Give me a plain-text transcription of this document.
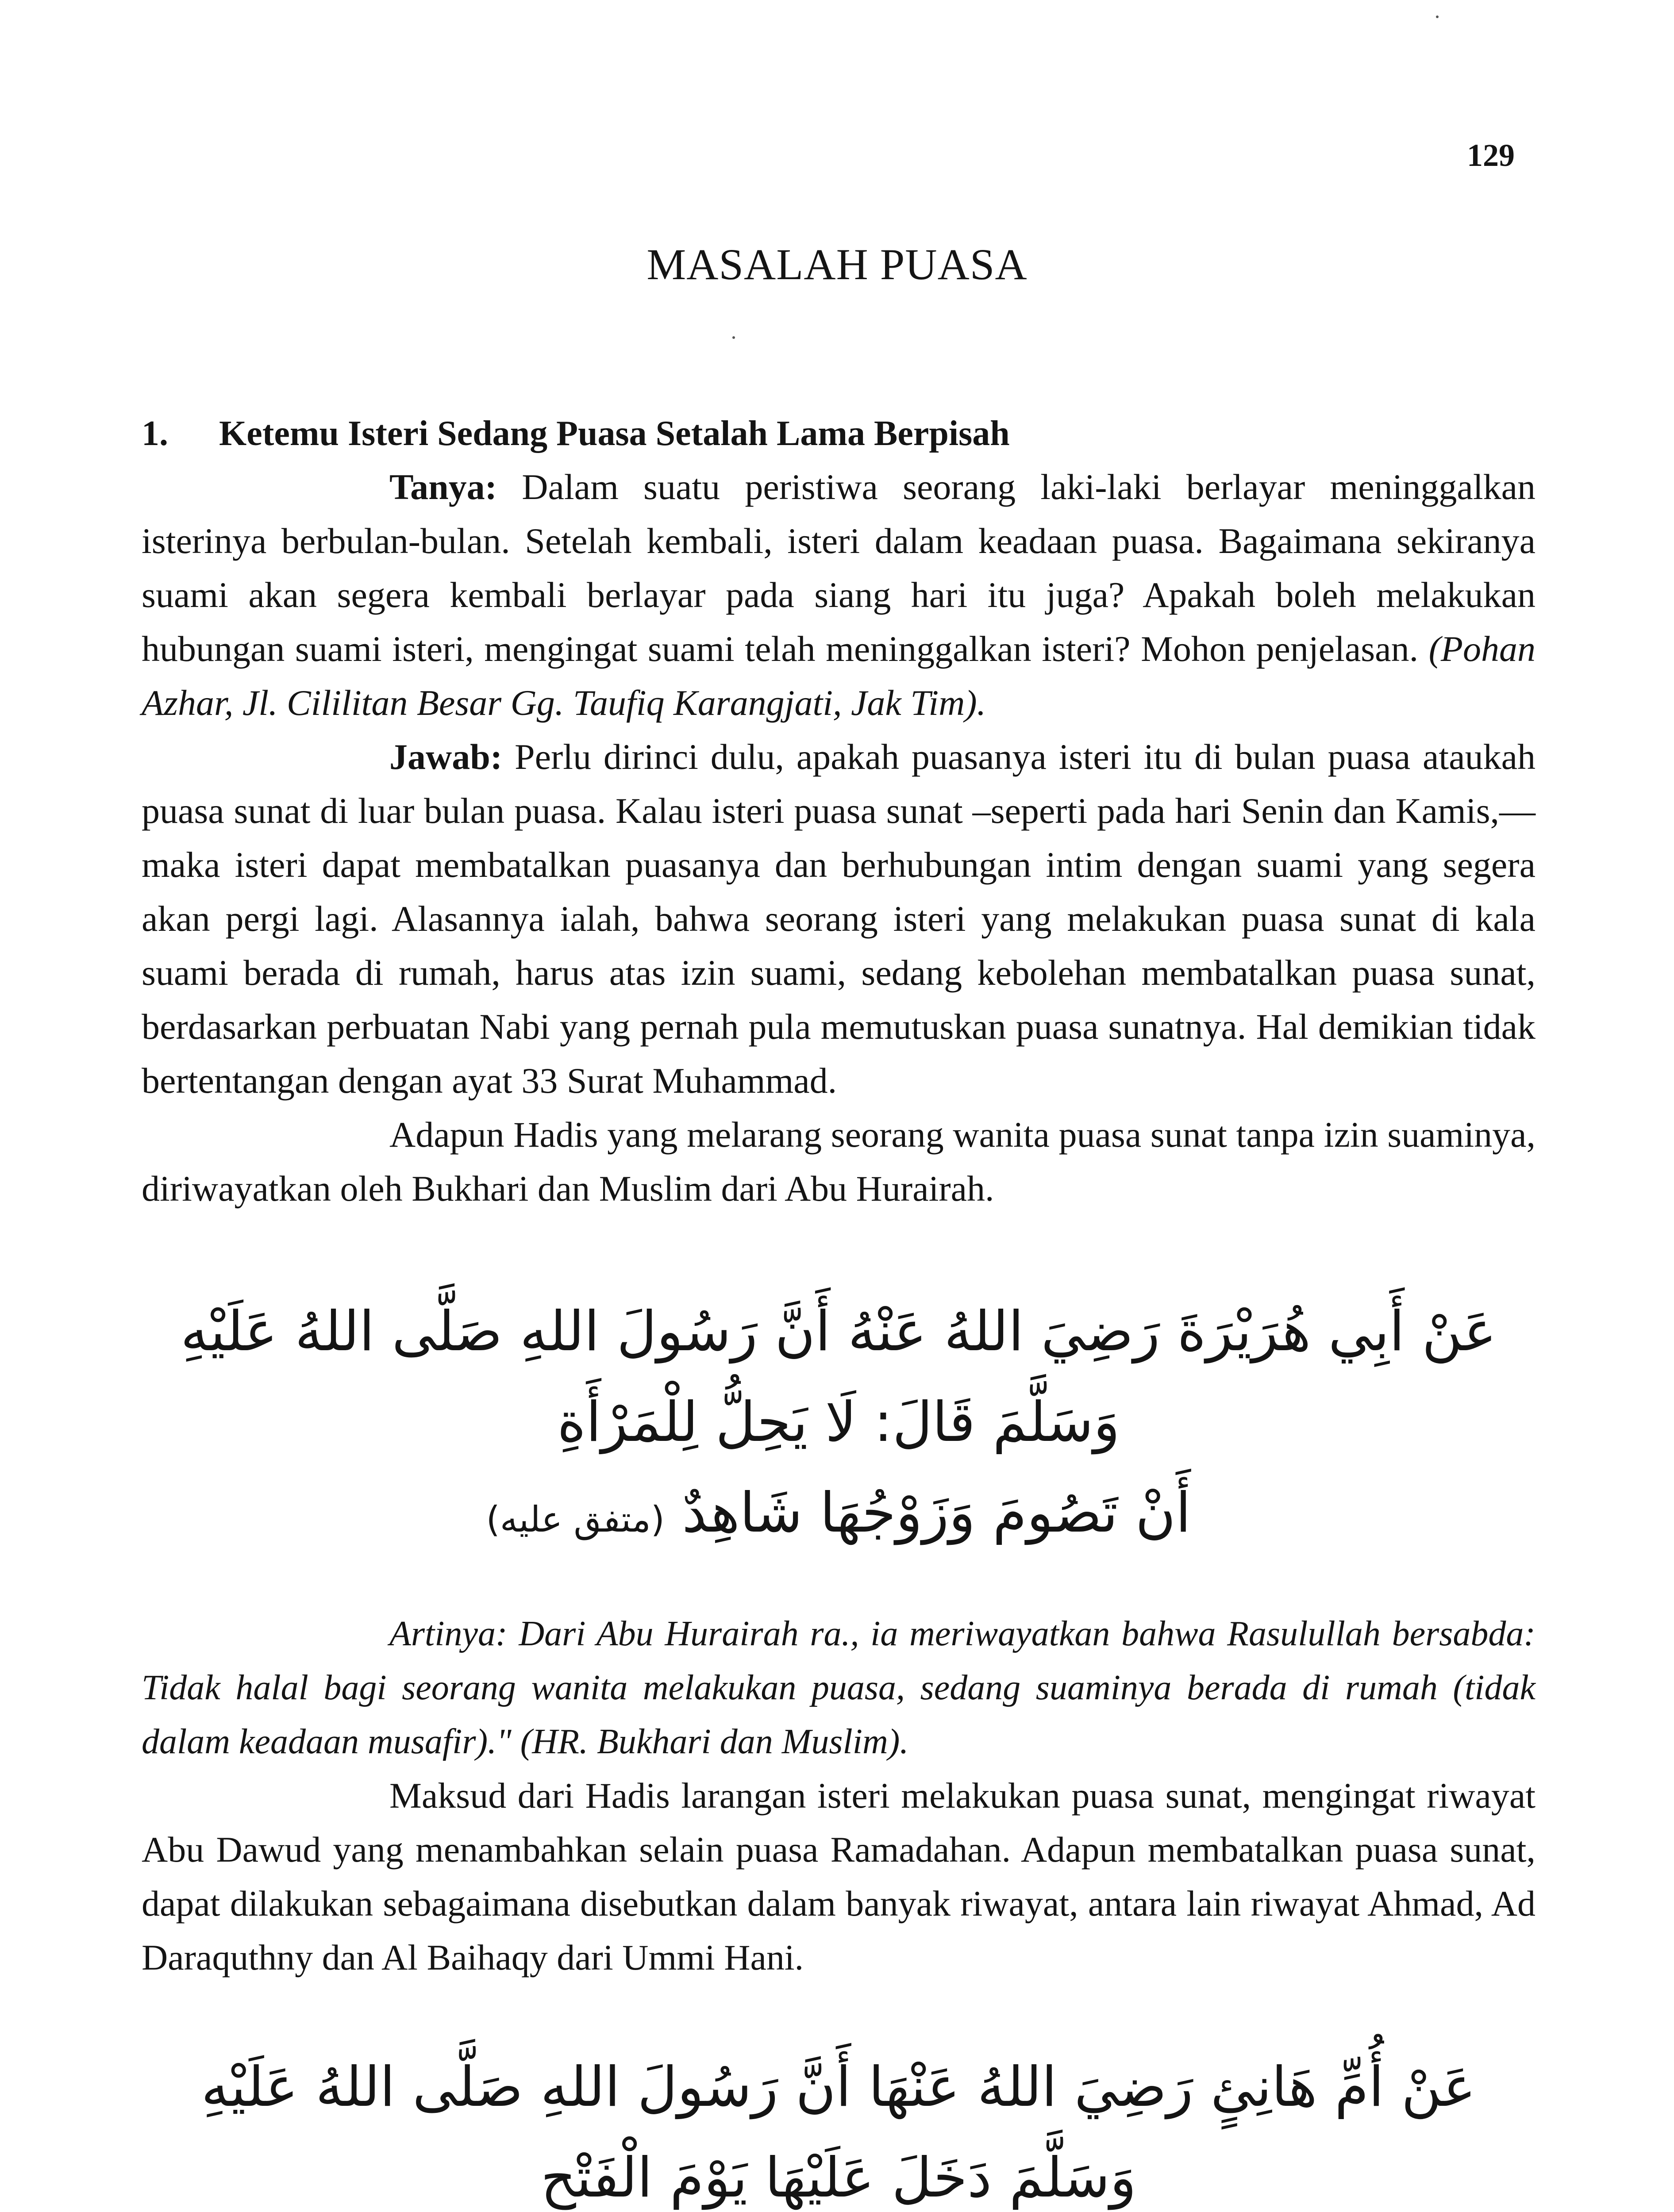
129
MASALAH PUASA
1. Ketemu Isteri Sedang Puasa Setalah Lama Berpisah

Tanya: Dalam suatu peristiwa seorang laki-laki berlayar meninggalkan isterinya berbulan-bulan. Setelah kembali, isteri dalam keadaan puasa. Bagaimana sekiranya suami akan segera kembali berlayar pada siang hari itu juga? Apakah boleh melakukan hubungan suami isteri, mengingat suami telah meninggalkan isteri? Mohon penjelasan. (Pohan Azhar, Jl. Cililitan Besar Gg. Taufiq Karangjati, Jak Tim).

Jawab: Perlu dirinci dulu, apakah puasanya isteri itu di bulan puasa ataukah puasa sunat di luar bulan puasa. Kalau isteri puasa sunat –seperti pada hari Senin dan Kamis,— maka isteri dapat membatalkan puasanya dan berhubungan intim dengan suami yang segera akan pergi lagi. Alasannya ialah, bahwa seorang isteri yang melakukan puasa sunat di kala suami berada di rumah, harus atas izin suami, sedang kebolehan membatalkan puasa sunat, berdasarkan perbuatan Nabi yang pernah pula memutuskan puasa sunatnya. Hal demikian tidak bertentangan dengan ayat 33 Surat Muhammad.

Adapun Hadis yang melarang seorang wanita puasa sunat tanpa izin suaminya, diriwayatkan oleh Bukhari dan Muslim dari Abu Hurairah.

عَنْ أَبِي هُرَيْرَةَ رَضِيَ اللهُ عَنْهُ أَنَّ رَسُولَ اللهِ صَلَّى اللهُ عَلَيْهِ وَسَلَّمَ قَالَ: لَا يَحِلُّ لِلْمَرْأَةِ
أَنْ تَصُومَ وَزَوْجُهَا شَاهِدٌ (متفق عليه)

Artinya: Dari Abu Hurairah ra., ia meriwayatkan bahwa Rasulullah bersabda: Tidak halal bagi seorang wanita melakukan puasa, sedang suaminya berada di rumah (tidak dalam keadaan musafir)." (HR. Bukhari dan Muslim).

Maksud dari Hadis larangan isteri melakukan puasa sunat, mengingat riwayat Abu Dawud yang menambahkan selain puasa Ramadahan. Adapun membatalkan puasa sunat, dapat dilakukan sebagaimana disebutkan dalam banyak riwayat, antara lain riwayat Ahmad, Ad Daraquthny dan Al Baihaqy dari Ummi Hani.

عَنْ أُمِّ هَانِئٍ رَضِيَ اللهُ عَنْهَا أَنَّ رَسُولَ اللهِ صَلَّى اللهُ عَلَيْهِ وَسَلَّمَ دَخَلَ عَلَيْهَا يَوْمَ الْفَتْحِ
